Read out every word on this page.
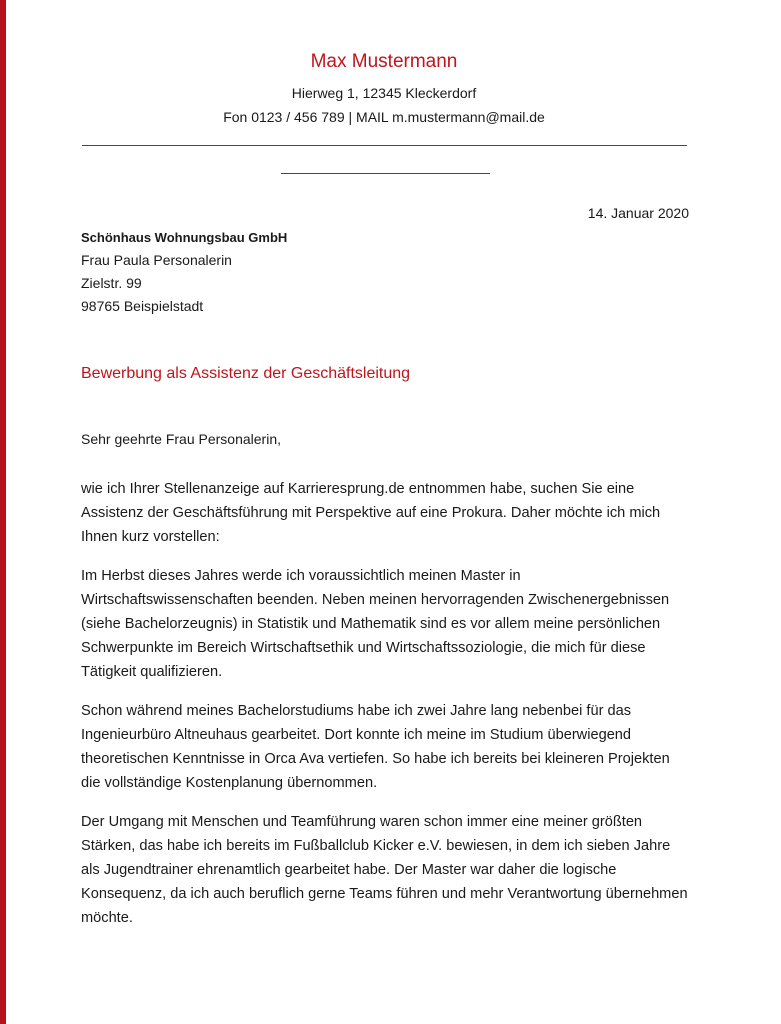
Max Mustermann
Hierweg 1, 12345 Kleckerdorf
Fon 0123 / 456 789 | MAIL m.mustermann@mail.de
14. Januar 2020
Schönhaus Wohnungsbau GmbH
Frau Paula Personalerin
Zielstr. 99
98765 Beispielstadt
Bewerbung als Assistenz der Geschäftsleitung
Sehr geehrte Frau Personalerin,

wie ich Ihrer Stellenanzeige auf Karrieresprung.de entnommen habe, suchen Sie eine Assistenz der Geschäftsführung mit Perspektive auf eine Prokura. Daher möchte ich mich Ihnen kurz vorstellen:

Im Herbst dieses Jahres werde ich voraussichtlich meinen Master in Wirtschaftswissenschaften beenden. Neben meinen hervorragenden Zwischenergebnissen (siehe Bachelorzeugnis) in Statistik und Mathematik sind es vor allem meine persönlichen Schwerpunkte im Bereich Wirtschaftsethik und Wirtschaftssoziologie, die mich für diese Tätigkeit qualifizieren.

Schon während meines Bachelorstudiums habe ich zwei Jahre lang nebenbei für das Ingenieurbüro Altneuhaus gearbeitet. Dort konnte ich meine im Studium überwiegend theoretischen Kenntnisse in Orca Ava vertiefen. So habe ich bereits bei kleineren Projekten die vollständige Kostenplanung übernommen.

Der Umgang mit Menschen und Teamführung waren schon immer eine meiner größten Stärken, das habe ich bereits im Fußballclub Kicker e.V. bewiesen, in dem ich sieben Jahre als Jugendtrainer ehrenamtlich gearbeitet habe. Der Master war daher die logische Konsequenz, da ich auch beruflich gerne Teams führen und mehr Verantwortung übernehmen möchte.
